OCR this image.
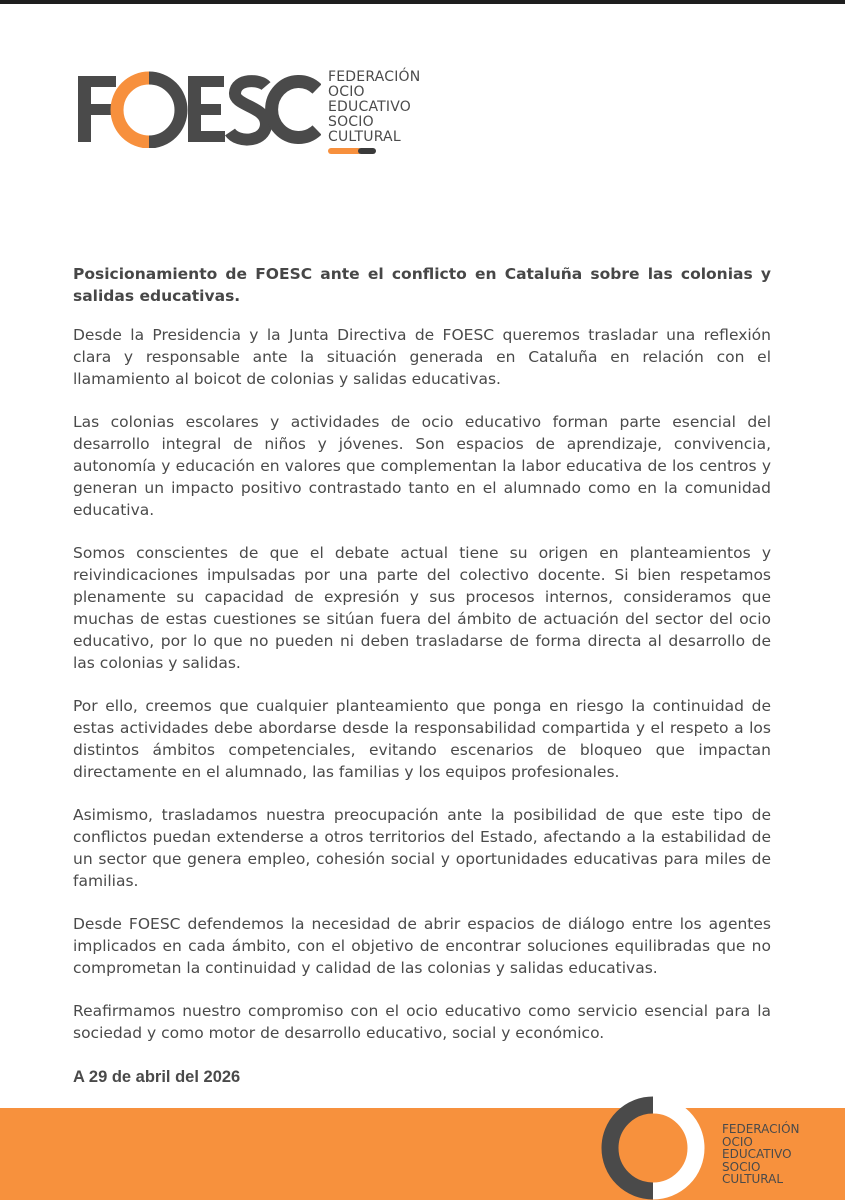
FEDERACIÓN
OCIO
EDUCATIVO
SOCIO
CULTURAL

Posicionamiento de FOESC ante el conflicto en Cataluña sobre las colonias y salidas educativas.

Desde la Presidencia y la Junta Directiva de FOESC queremos trasladar una reflexión clara y responsable ante la situación generada en Cataluña en relación con el llamamiento al boicot de colonias y salidas educativas.

Las colonias escolares y actividades de ocio educativo forman parte esencial del desarrollo integral de niños y jóvenes. Son espacios de aprendizaje, convivencia, autonomía y educación en valores que complementan la labor educativa de los centros y generan un impacto positivo contrastado tanto en el alumnado como en la comunidad educativa.

Somos conscientes de que el debate actual tiene su origen en planteamientos y reivindicaciones impulsadas por una parte del colectivo docente. Si bien respetamos plenamente su capacidad de expresión y sus procesos internos, consideramos que muchas de estas cuestiones se sitúan fuera del ámbito de actuación del sector del ocio educativo, por lo que no pueden ni deben trasladarse de forma directa al desarrollo de las colonias y salidas.

Por ello, creemos que cualquier planteamiento que ponga en riesgo la continuidad de estas actividades debe abordarse desde la responsabilidad compartida y el respeto a los distintos ámbitos competenciales, evitando escenarios de bloqueo que impactan directamente en el alumnado, las familias y los equipos profesionales.

Asimismo, trasladamos nuestra preocupación ante la posibilidad de que este tipo de conflictos puedan extenderse a otros territorios del Estado, afectando a la estabilidad de un sector que genera empleo, cohesión social y oportunidades educativas para miles de familias.

Desde FOESC defendemos la necesidad de abrir espacios de diálogo entre los agentes implicados en cada ámbito, con el objetivo de encontrar soluciones equilibradas que no comprometan la continuidad y calidad de las colonias y salidas educativas.

Reafirmamos nuestro compromiso con el ocio educativo como servicio esencial para la sociedad y como motor de desarrollo educativo, social y económico.

A 29 de abril del 2026
FEDERACIÓN
OCIO
EDUCATIVO
SOCIO
CULTURAL
